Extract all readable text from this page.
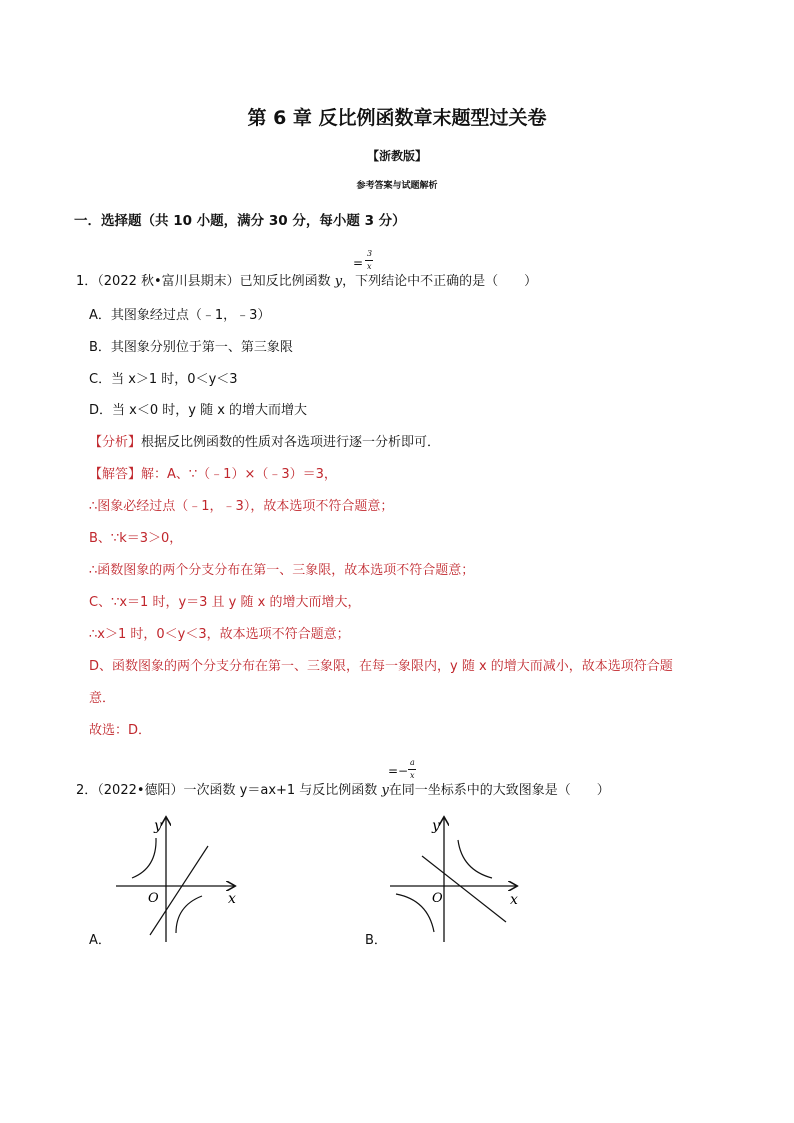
第 6 章 反比例函数章末题型过关卷
【浙教版】
参考答案与试题解析
一．选择题（共 10 小题，满分 30 分，每小题 3 分）
=
3
x
1．（2022 秋•富川县期末）已知反比例函数 y，下列结论中不正确的是（　　）
A．其图象经过点（﹣1，﹣3）
B．其图象分别位于第一、第三象限
C．当 x＞1 时，0＜y＜3
D．当 x＜0 时，y 随 x 的增大而增大
【分析】根据反比例函数的性质对各选项进行逐一分析即可．
【解答】解：A、∵（﹣1）×（﹣3）＝3，
∴图象必经过点（﹣1，﹣3），故本选项不符合题意；
B、∵k＝3＞0，
∴函数图象的两个分支分布在第一、三象限，故本选项不符合题意；
C、∵x＝1 时，y＝3 且 y 随 x 的增大而增大，
∴x＞1 时，0＜y＜3，故本选项不符合题意；
D、函数图象的两个分支分布在第一、三象限，在每一象限内，y 随 x 的增大而减小，故本选项符合题
意．
故选：D．
=−
a
x
2．（2022•德阳）一次函数 y＝ax+1 与反比例函数 y在同一坐标系中的大致图象是（　　）
y
x
O
A．
y
x
O
B．
